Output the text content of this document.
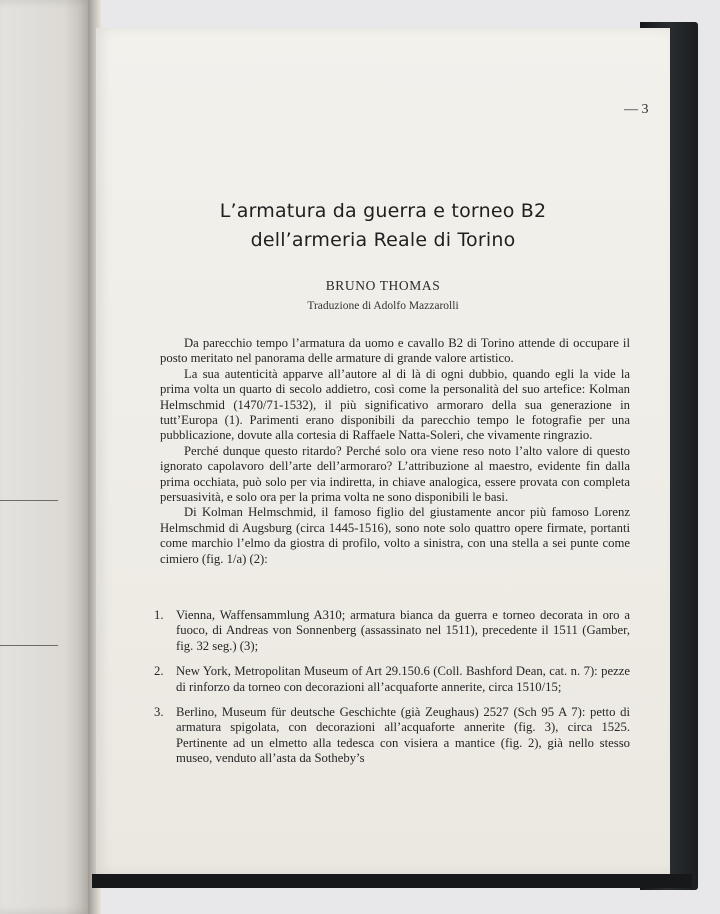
— 3
L’armatura da guerra e torneo B2
dell’armeria Reale di Torino
BRUNO THOMAS
Traduzione di Adolfo Mazzarolli

Da parecchio tempo l’armatura da uomo e cavallo B2 di Torino attende di occupare il posto meritato nel panorama delle armature di grande valore artistico.

La sua autenticità apparve all’autore al di là di ogni dubbio, quando egli la vide la prima volta un quarto di secolo addietro, così come la personalità del suo artefice: Kolman Helmschmid (1470/71-1532), il più significativo armoraro della sua generazione in tutt’Europa (1). Parimenti erano disponibili da parecchio tempo le fotografie per una pubblicazione, dovute alla cortesia di Raffaele Natta-Soleri, che vivamente ringrazio.

Perché dunque questo ritardo? Perché solo ora viene reso noto l’alto valore di questo ignorato capolavoro dell’arte dell’armoraro? L’attribuzione al maestro, evidente fin dalla prima occhiata, può solo per via indiretta, in chiave analogica, essere provata con completa persuasività, e solo ora per la prima volta ne sono disponibili le basi.

Di Kolman Helmschmid, il famoso figlio del giustamente ancor più famoso Lorenz Helmschmid di Augsburg (circa 1445-1516), sono note solo quattro opere firmate, portanti come marchio l’elmo da giostra di profilo, volto a sinistra, con una stella a sei punte come cimiero (fig. 1/a) (2):

1. Vienna, Waffensammlung A310; armatura bianca da guerra e torneo decorata in oro a fuoco, di Andreas von Sonnenberg (assassinato nel 1511), precedente il 1511 (Gamber, fig. 32 seg.) (3);
2. New York, Metropolitan Museum of Art 29.150.6 (Coll. Bashford Dean, cat. n. 7): pezze di rinforzo da torneo con decorazioni all’acquaforte annerite, circa 1510/15;
3. Berlino, Museum für deutsche Geschichte (già Zeughaus) 2527 (Sch 95 A 7): petto di armatura spigolata, con decorazioni all’acquaforte annerite (fig. 3), circa 1525. Pertinente ad un elmetto alla tedesca con visiera a mantice (fig. 2), già nello stesso museo, venduto all’asta da Sotheby’s
